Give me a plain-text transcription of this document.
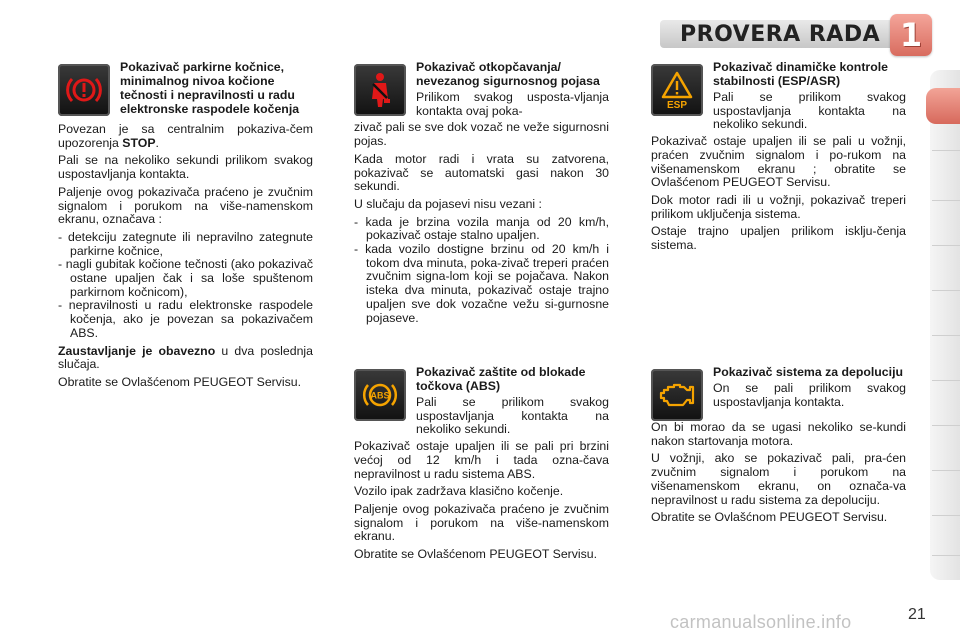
PROVERA RADA 1
Pokazivač parkirne kočnice, minimalnog nivoa kočione tečnosti i nepravilnosti u radu elektronske raspodele kočenja

Povezan je sa centralnim pokaziva-čem upozorenja STOP.

Pali se na nekoliko sekundi prilikom svakog uspostavljanja kontakta.

Paljenje ovog pokazivača praćeno je zvučnim signalom i porukom na više-namenskom ekranu, označava :

- detekciju zategnute ili nepravilno zategnute parkirne kočnice,
- nagli gubitak kočione tečnosti (ako pokazivač ostane upaljen čak i sa loše spuštenom parkirnom kočnicom),
- nepravilnosti u radu elektronske raspodele kočenja, ako je povezan sa pokazivačem ABS.

Zaustavljanje je obavezno u dva poslednja slučaja.

Obratite se Ovlašćenom PEUGEOT Servisu.

Pokazivač otkopčavanja/ nevezanog sigurnosnog pojasa

Prilikom svakog usposta-vljanja kontakta ovaj poka-

zivač pali se sve dok vozač ne veže sigurnosni pojas.

Kada motor radi i vrata su zatvorena, pokazivač se automatski gasi nakon 30 sekundi.

U slučaju da pojasevi nisu vezani :

- kada je brzina vozila manja od 20 km/h, pokazivač ostaje stalno upaljen.
- kada vozilo dostigne brzinu od 20 km/h i tokom dva minuta, poka-zivač treperi praćen zvučnim signa-lom koji se pojačava. Nakon isteka dva minuta, pokazivač ostaje trajno upaljen sve dok vozačne vežu si-gurnosne pojaseve.
ABS
Pokazivač zaštite od blokade točkova (ABS)

Pali se prilikom svakog uspostavljanja kontakta na nekoliko sekundi.

Pokazivač ostaje upaljen ili se pali pri brzini većoj od 12 km/h i tada ozna-čava nepravilnost u radu sistema ABS.

Vozilo ipak zadržava klasično kočenje.

Paljenje ovog pokazivača praćeno je zvučnim signalom i porukom na više-namenskom ekranu.

Obratite se Ovlašćenom PEUGEOT Servisu.

ESP
Pokazivač dinamičke kontrole stabilnosti (ESP/ASR)

Pali se prilikom svakog uspostavljanja kontakta na nekoliko sekundi.

Pokazivač ostaje upaljen ili se pali u vožnji, praćen zvučnim signalom i po-rukom na višenamenskom ekranu ; obratite se Ovlašćenom PEUGEOT Servisu.

Dok motor radi ili u vožnji, pokazivač treperi prilikom uključenja sistema.

Ostaje trajno upaljen prilikom isklju-čenja sistema.

Pokazivač sistema za depoluciju

On se pali prilikom svakog uspostavljanja kontakta.

On bi morao da se ugasi nekoliko se-kundi nakon startovanja motora.

U vožnji, ako se pokazivač pali, pra-ćen zvučnim signalom i porukom na višenamenskom ekranu, on označa-va nepravilnost u radu sistema za depoluciju.

Obratite se Ovlašćnom PEUGEOT Servisu.

carmanualsonline.info	21
